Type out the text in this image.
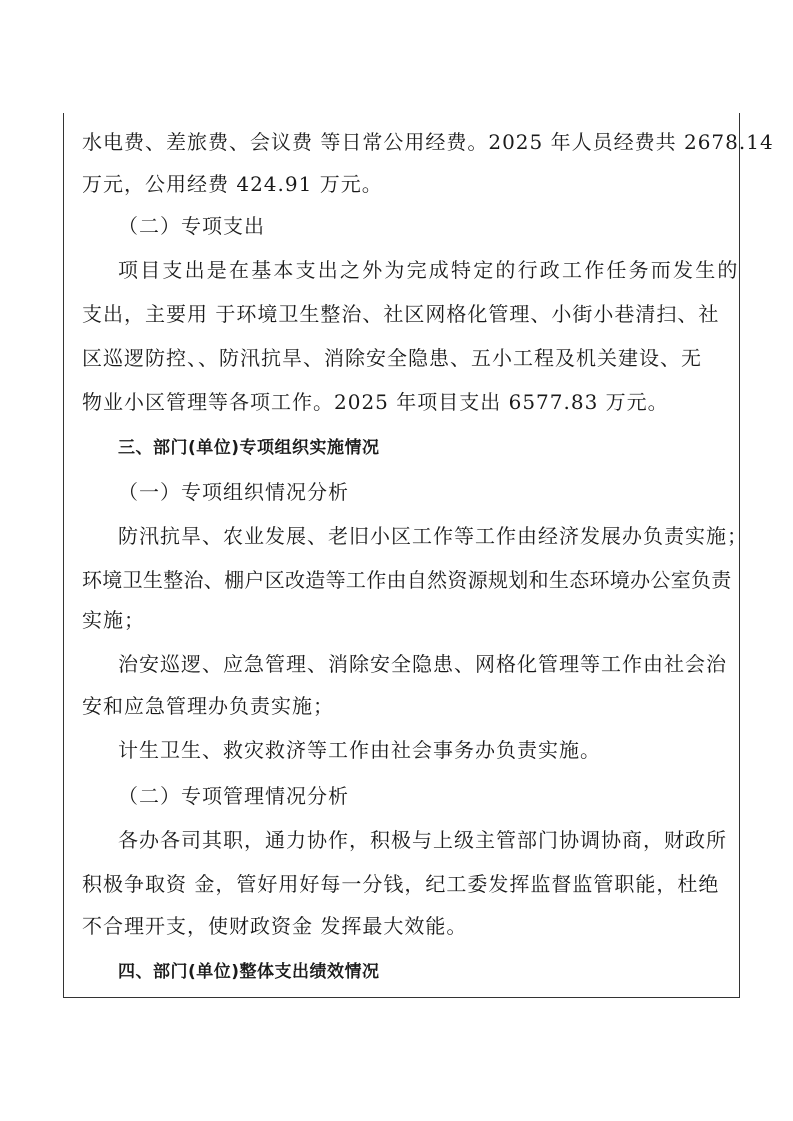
水电费、差旅费、会议费 等日常公用经费。2025 年人员经费共 2678.14
万元，公用经费 424.91 万元。
（二）专项支出
项目支出是在基本支出之外为完成特定的行政工作任务而发生的
支出，主要用 于环境卫生整治、社区网格化管理、小街小巷清扫、社
区巡逻防控、、防汛抗旱、消除安全隐患、五小工程及机关建设、无
物业小区管理等各项工作。2025 年项目支出 6577.83 万元。
三、部门(单位)专项组织实施情况
（一）专项组织情况分析
防汛抗旱、农业发展、老旧小区工作等工作由经济发展办负责实施；
环境卫生整治、棚户区改造等工作由自然资源规划和生态环境办公室负责
实施；
治安巡逻、应急管理、消除安全隐患、网格化管理等工作由社会治
安和应急管理办负责实施；
计生卫生、救灾救济等工作由社会事务办负责实施。
（二）专项管理情况分析
各办各司其职，通力协作，积极与上级主管部门协调协商，财政所
积极争取资 金，管好用好每一分钱，纪工委发挥监督监管职能，杜绝
不合理开支，使财政资金 发挥最大效能。
四、部门(单位)整体支出绩效情况
